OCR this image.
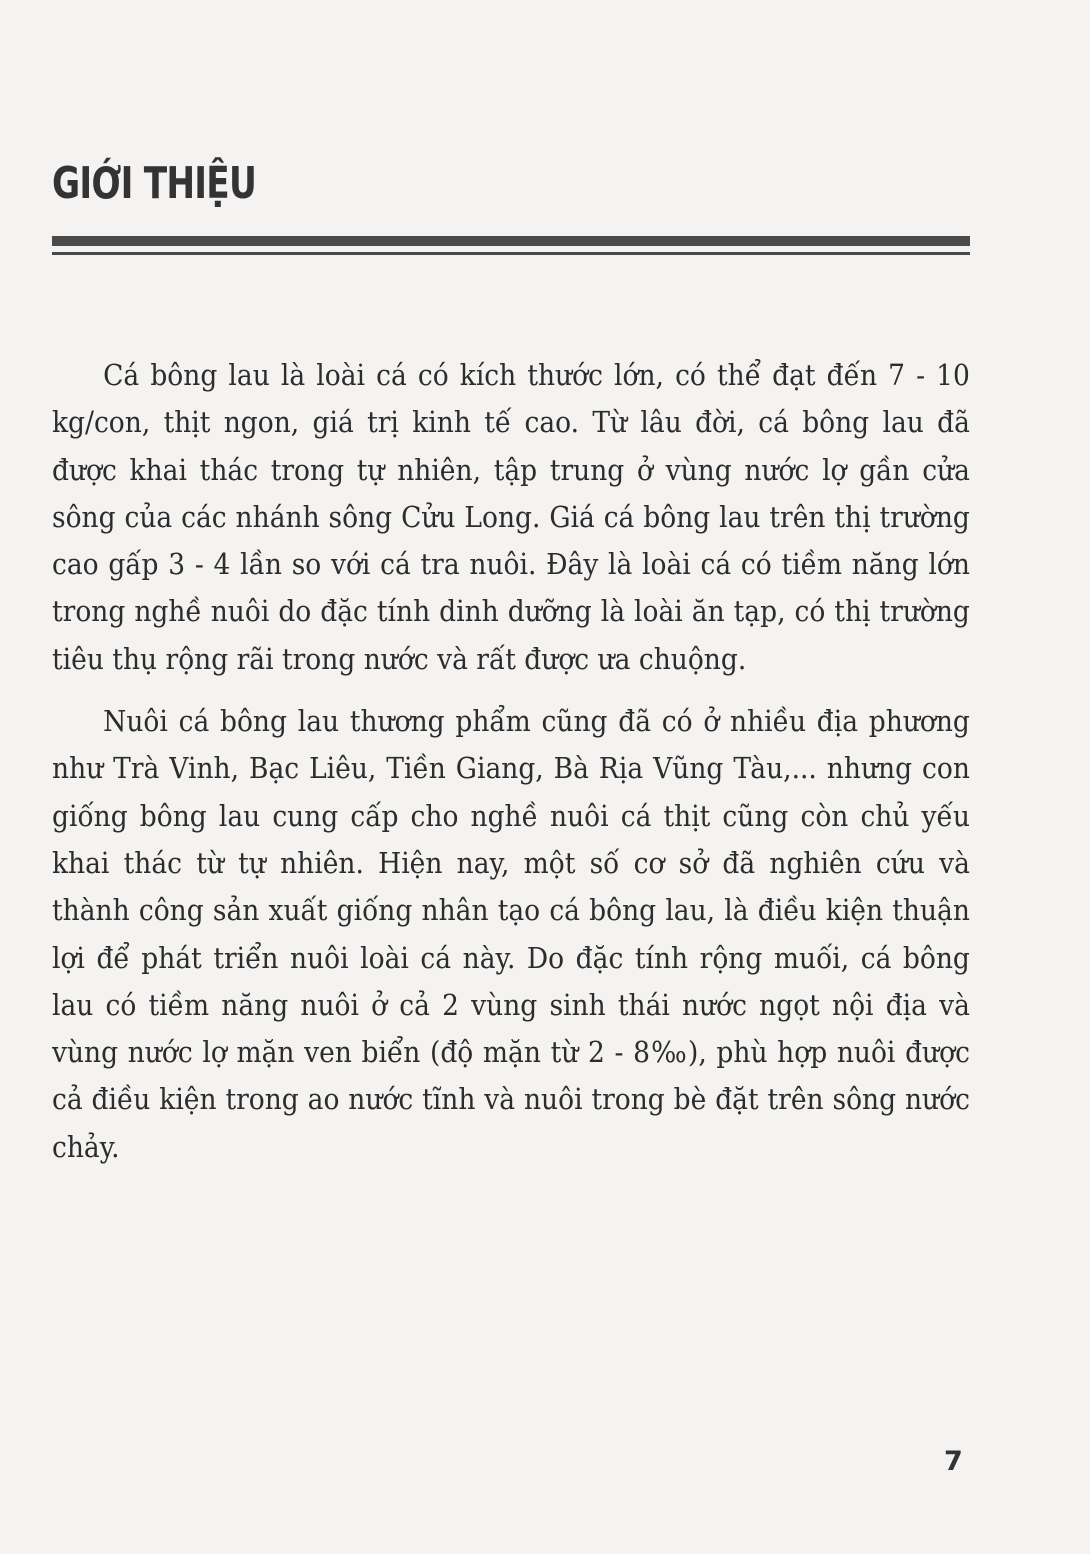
GIỚI THIỆU

Cá bông lau là loài cá có kích thước lớn, có thể đạt đến 7 - 10 kg/con, thịt ngon, giá trị kinh tế cao. Từ lâu đời, cá bông lau đã được khai thác trong tự nhiên, tập trung ở vùng nước lợ gần cửa sông của các nhánh sông Cửu Long. Giá cá bông lau trên thị trường cao gấp 3 - 4 lần so với cá tra nuôi. Đây là loài cá có tiềm năng lớn trong nghề nuôi do đặc tính dinh dưỡng là loài ăn tạp, có thị trường tiêu thụ rộng rãi trong nước và rất được ưa chuộng.

Nuôi cá bông lau thương phẩm cũng đã có ở nhiều địa phương như Trà Vinh, Bạc Liêu, Tiền Giang, Bà Rịa Vũng Tàu,... nhưng con giống bông lau cung cấp cho nghề nuôi cá thịt cũng còn chủ yếu khai thác từ tự nhiên. Hiện nay, một số cơ sở đã nghiên cứu và thành công sản xuất giống nhân tạo cá bông lau, là điều kiện thuận lợi để phát triển nuôi loài cá này. Do đặc tính rộng muối, cá bông lau có tiềm năng nuôi ở cả 2 vùng sinh thái nước ngọt nội địa và vùng nước lợ mặn ven biển (độ mặn từ 2 - 8‰), phù hợp nuôi được cả điều kiện trong ao nước tĩnh và nuôi trong bè đặt trên sông nước chảy.

7
